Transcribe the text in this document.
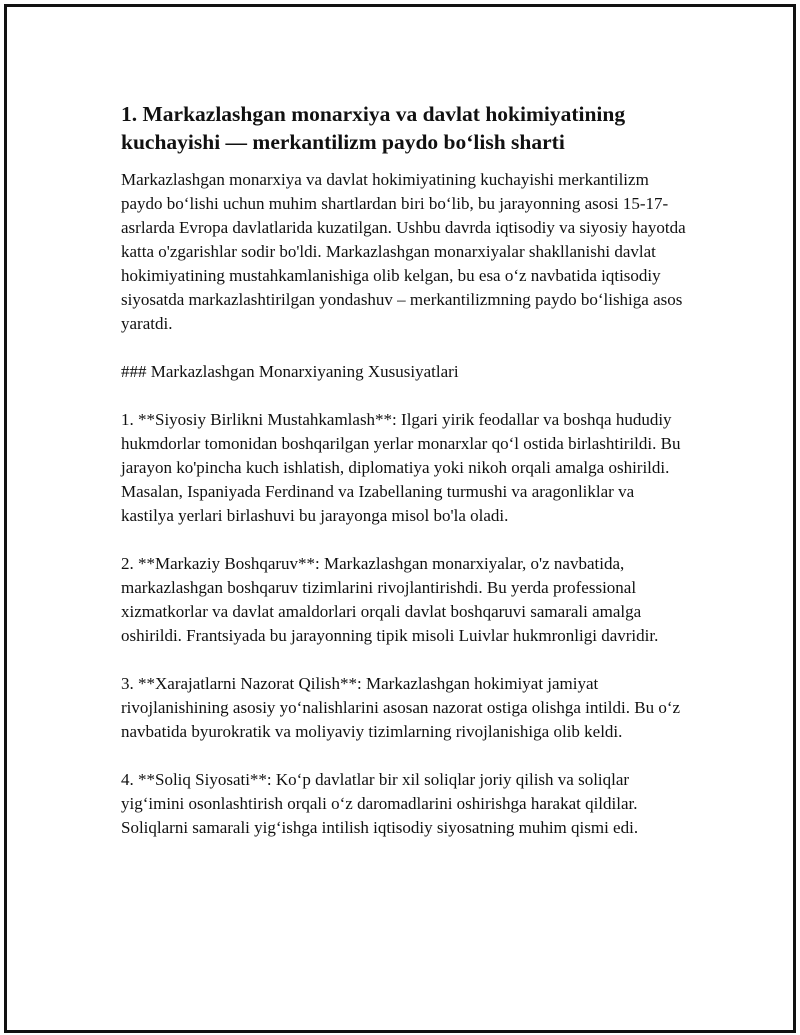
1. Markazlashgan monarxiya va davlat hokimiyatining kuchayishi — merkantilizm paydo bo‘lish sharti

Markazlashgan monarxiya va davlat hokimiyatining kuchayishi merkantilizm paydo bo‘lishi uchun muhim shartlardan biri bo‘lib, bu jarayonning asosi 15-17-asrlarda Evropa davlatlarida kuzatilgan. Ushbu davrda iqtisodiy va siyosiy hayotda katta o'zgarishlar sodir bo'ldi. Markazlashgan monarxiyalar shakllanishi davlat hokimiyatining mustahkamlanishiga olib kelgan, bu esa o‘z navbatida iqtisodiy siyosatda markazlashtirilgan yondashuv – merkantilizmning paydo bo‘lishiga asos yaratdi.

### Markazlashgan Monarxiyaning Xususiyatlari

1. **Siyosiy Birlikni Mustahkamlash**: Ilgari yirik feodallar va boshqa hududiy hukmdorlar tomonidan boshqarilgan yerlar monarxlar qo‘l ostida birlashtirildi. Bu jarayon ko'pincha kuch ishlatish, diplomatiya yoki nikoh orqali amalga oshirildi. Masalan, Ispaniyada Ferdinand va Izabellaning turmushi va aragonliklar va kastilya yerlari birlashuvi bu jarayonga misol bo'la oladi.

2. **Markaziy Boshqaruv**: Markazlashgan monarxiyalar, o'z navbatida, markazlashgan boshqaruv tizimlarini rivojlantirishdi. Bu yerda professional xizmatkorlar va davlat amaldorlari orqali davlat boshqaruvi samarali amalga oshirildi. Frantsiyada bu jarayonning tipik misoli Luivlar hukmronligi davridir.

3. **Xarajatlarni Nazorat Qilish**: Markazlashgan hokimiyat jamiyat rivojlanishining asosiy yo‘nalishlarini asosan nazorat ostiga olishga intildi. Bu o‘z navbatida byurokratik va moliyaviy tizimlarning rivojlanishiga olib keldi.

4. **Soliq Siyosati**: Ko‘p davlatlar bir xil soliqlar joriy qilish va soliqlar yig‘imini osonlashtirish orqali o‘z daromadlarini oshirishga harakat qildilar. Soliqlarni samarali yig‘ishga intilish iqtisodiy siyosatning muhim qismi edi.
